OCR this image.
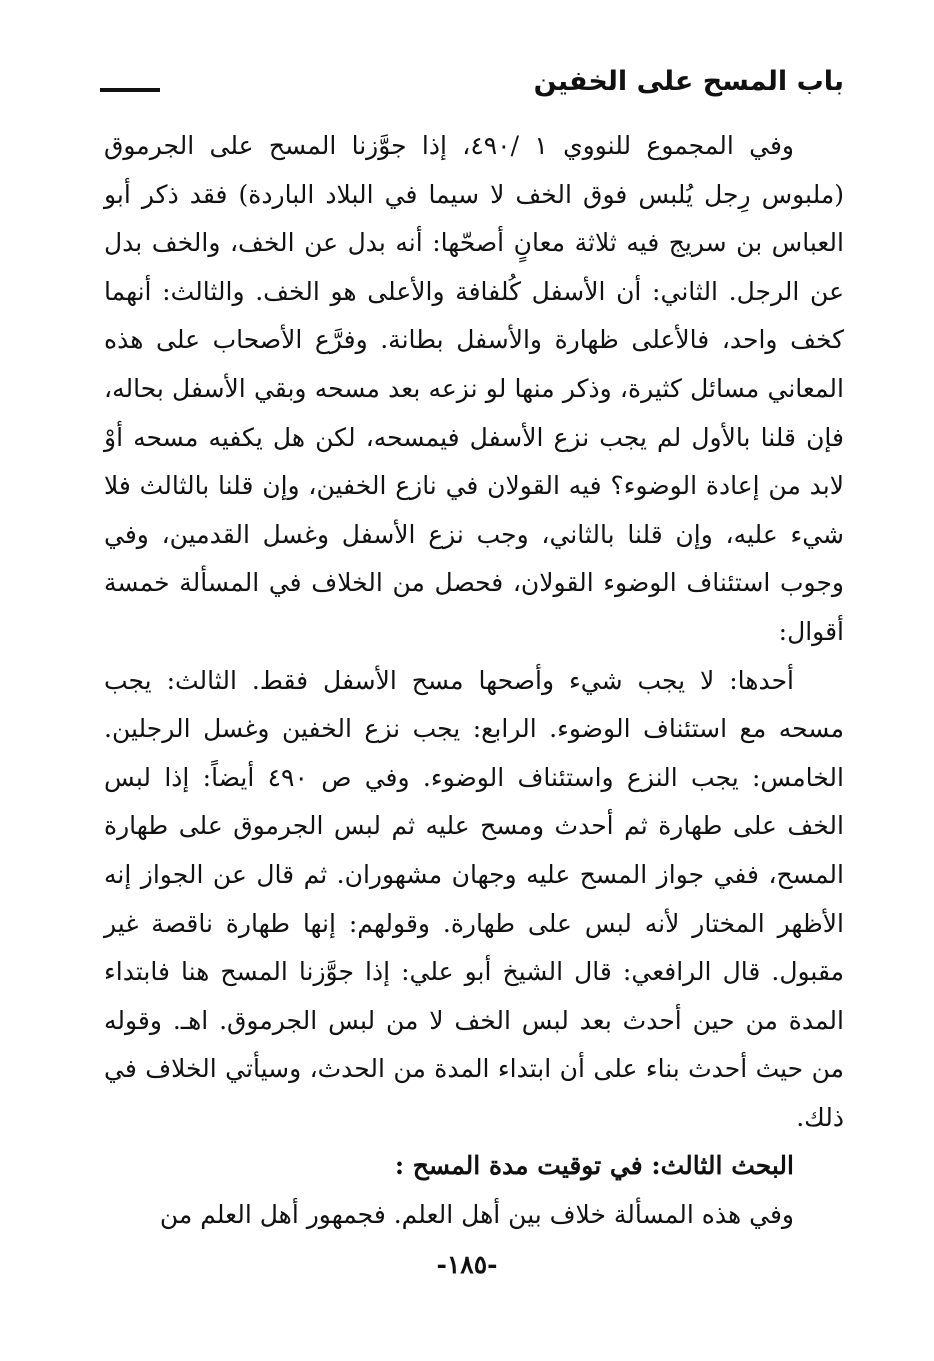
باب المسح على الخفين

وفي المجموع للنووي ١ /٤٩٠، إذا جوَّزنا المسح على الجرموق (ملبوس رِجل يُلبس فوق الخف لا سيما في البلاد الباردة) فقد ذكر أبو العباس بن سريج فيه ثلاثة معانٍ أصحّها: أنه بدل عن الخف، والخف بدل عن الرجل. الثاني: أن الأسفل كُلفافة والأعلى هو الخف. والثالث: أنهما كخف واحد، فالأعلى ظهارة والأسفل بطانة. وفرَّع الأصحاب على هذه المعاني مسائل كثيرة، وذكر منها لو نزعه بعد مسحه وبقي الأسفل بحاله، فإن قلنا بالأول لم يجب نزع الأسفل فيمسحه، لكن هل يكفيه مسحه أوْ لابد من إعادة الوضوء؟ فيه القولان في نازع الخفين، وإن قلنا بالثالث فلا شيء عليه، وإن قلنا بالثاني، وجب نزع الأسفل وغسل القدمين، وفي وجوب استئناف الوضوء القولان، فحصل من الخلاف في المسألة خمسة أقوال:

أحدها: لا يجب شيء وأصحها مسح الأسفل فقط. الثالث: يجب مسحه مع استئناف الوضوء. الرابع: يجب نزع الخفين وغسل الرجلين. الخامس: يجب النزع واستئناف الوضوء. وفي ص ٤٩٠ أيضاً: إذا لبس الخف على طهارة ثم أحدث ومسح عليه ثم لبس الجرموق على طهارة المسح، ففي جواز المسح عليه وجهان مشهوران. ثم قال عن الجواز إنه الأظهر المختار لأنه لبس على طهارة. وقولهم: إنها طهارة ناقصة غير مقبول. قال الرافعي: قال الشيخ أبو علي: إذا جوَّزنا المسح هنا فابتداء المدة من حين أحدث بعد لبس الخف لا من لبس الجرموق. اهـ. وقوله من حيث أحدث بناء على أن ابتداء المدة من الحدث، وسيأتي الخلاف في ذلك.

البحث الثالث: في توقيت مدة المسح :

وفي هذه المسألة خلاف بين أهل العلم. فجمهور أهل العلم من

-١٨٥-
